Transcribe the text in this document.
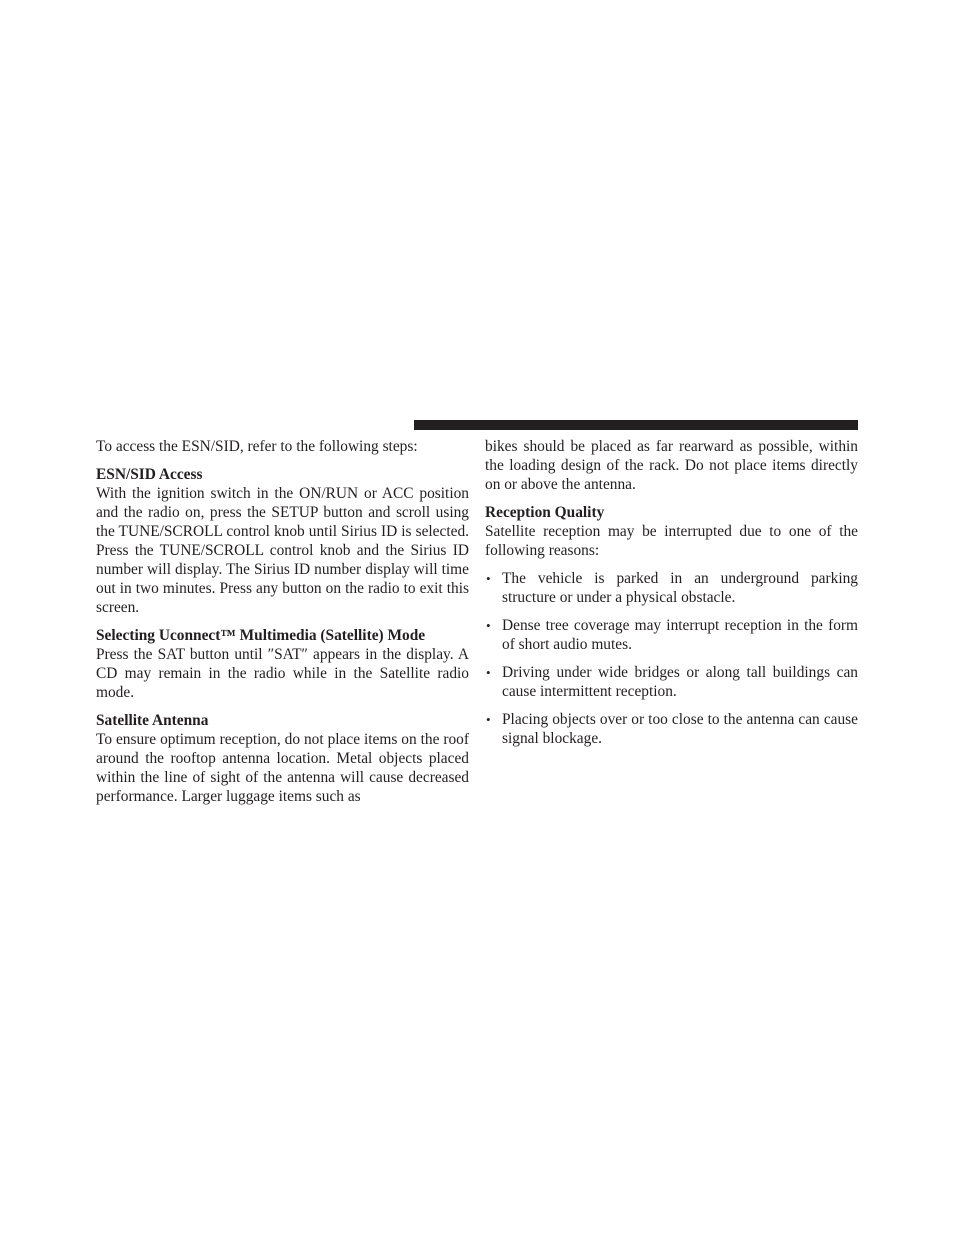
To access the ESN/SID, refer to the following steps:

ESN/SID Access

With the ignition switch in the ON/RUN or ACC position and the radio on, press the SETUP button and scroll using the TUNE/SCROLL control knob until Sirius ID is selected. Press the TUNE/SCROLL control knob and the Sirius ID number will display. The Sirius ID number display will time out in two minutes. Press any button on the radio to exit this screen.

Selecting Uconnect™ Multimedia (Satellite) Mode

Press the SAT button until ″SAT″ appears in the display. A CD may remain in the radio while in the Satellite radio mode.

Satellite Antenna

To ensure optimum reception, do not place items on the roof around the rooftop antenna location. Metal objects placed within the line of sight of the antenna will cause decreased performance. Larger luggage items such as

bikes should be placed as far rearward as possible, within the loading design of the rack. Do not place items directly on or above the antenna.

Reception Quality

Satellite reception may be interrupted due to one of the following reasons:

• The vehicle is parked in an underground parking structure or under a physical obstacle.
• Dense tree coverage may interrupt reception in the form of short audio mutes.
• Driving under wide bridges or along tall buildings can cause intermittent reception.
• Placing objects over or too close to the antenna can cause signal blockage.
